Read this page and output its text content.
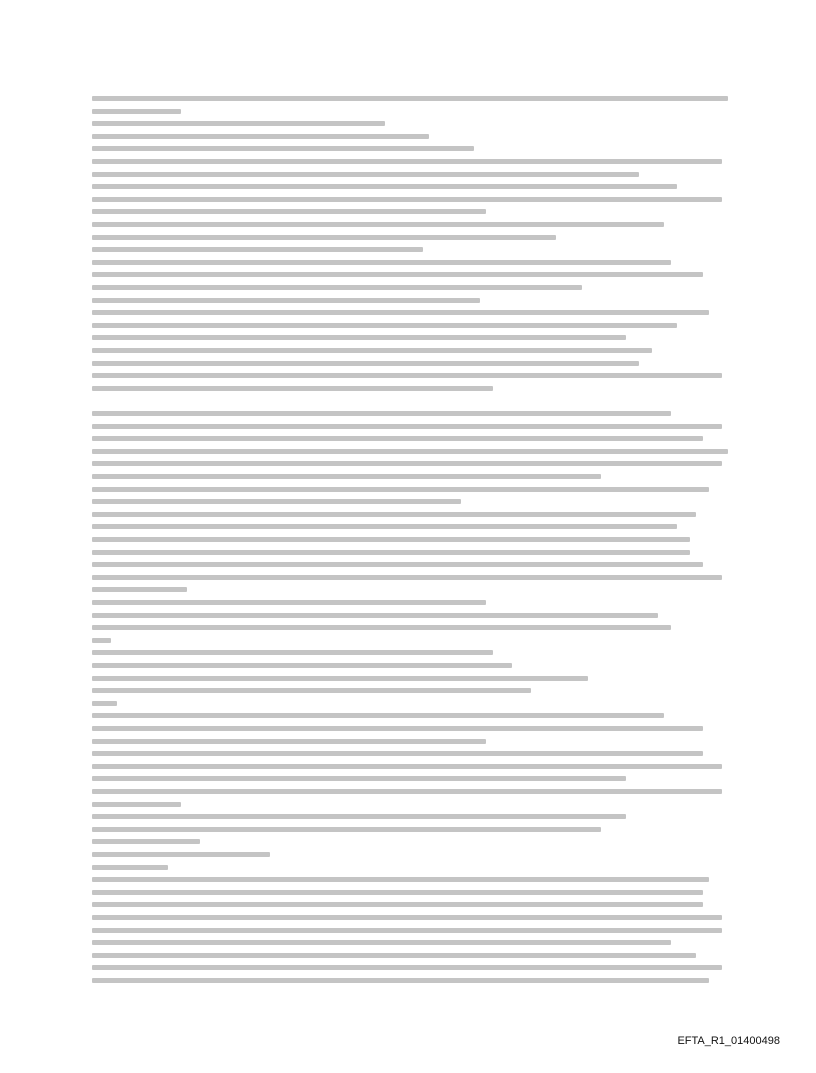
EFTA_R1_01400498
